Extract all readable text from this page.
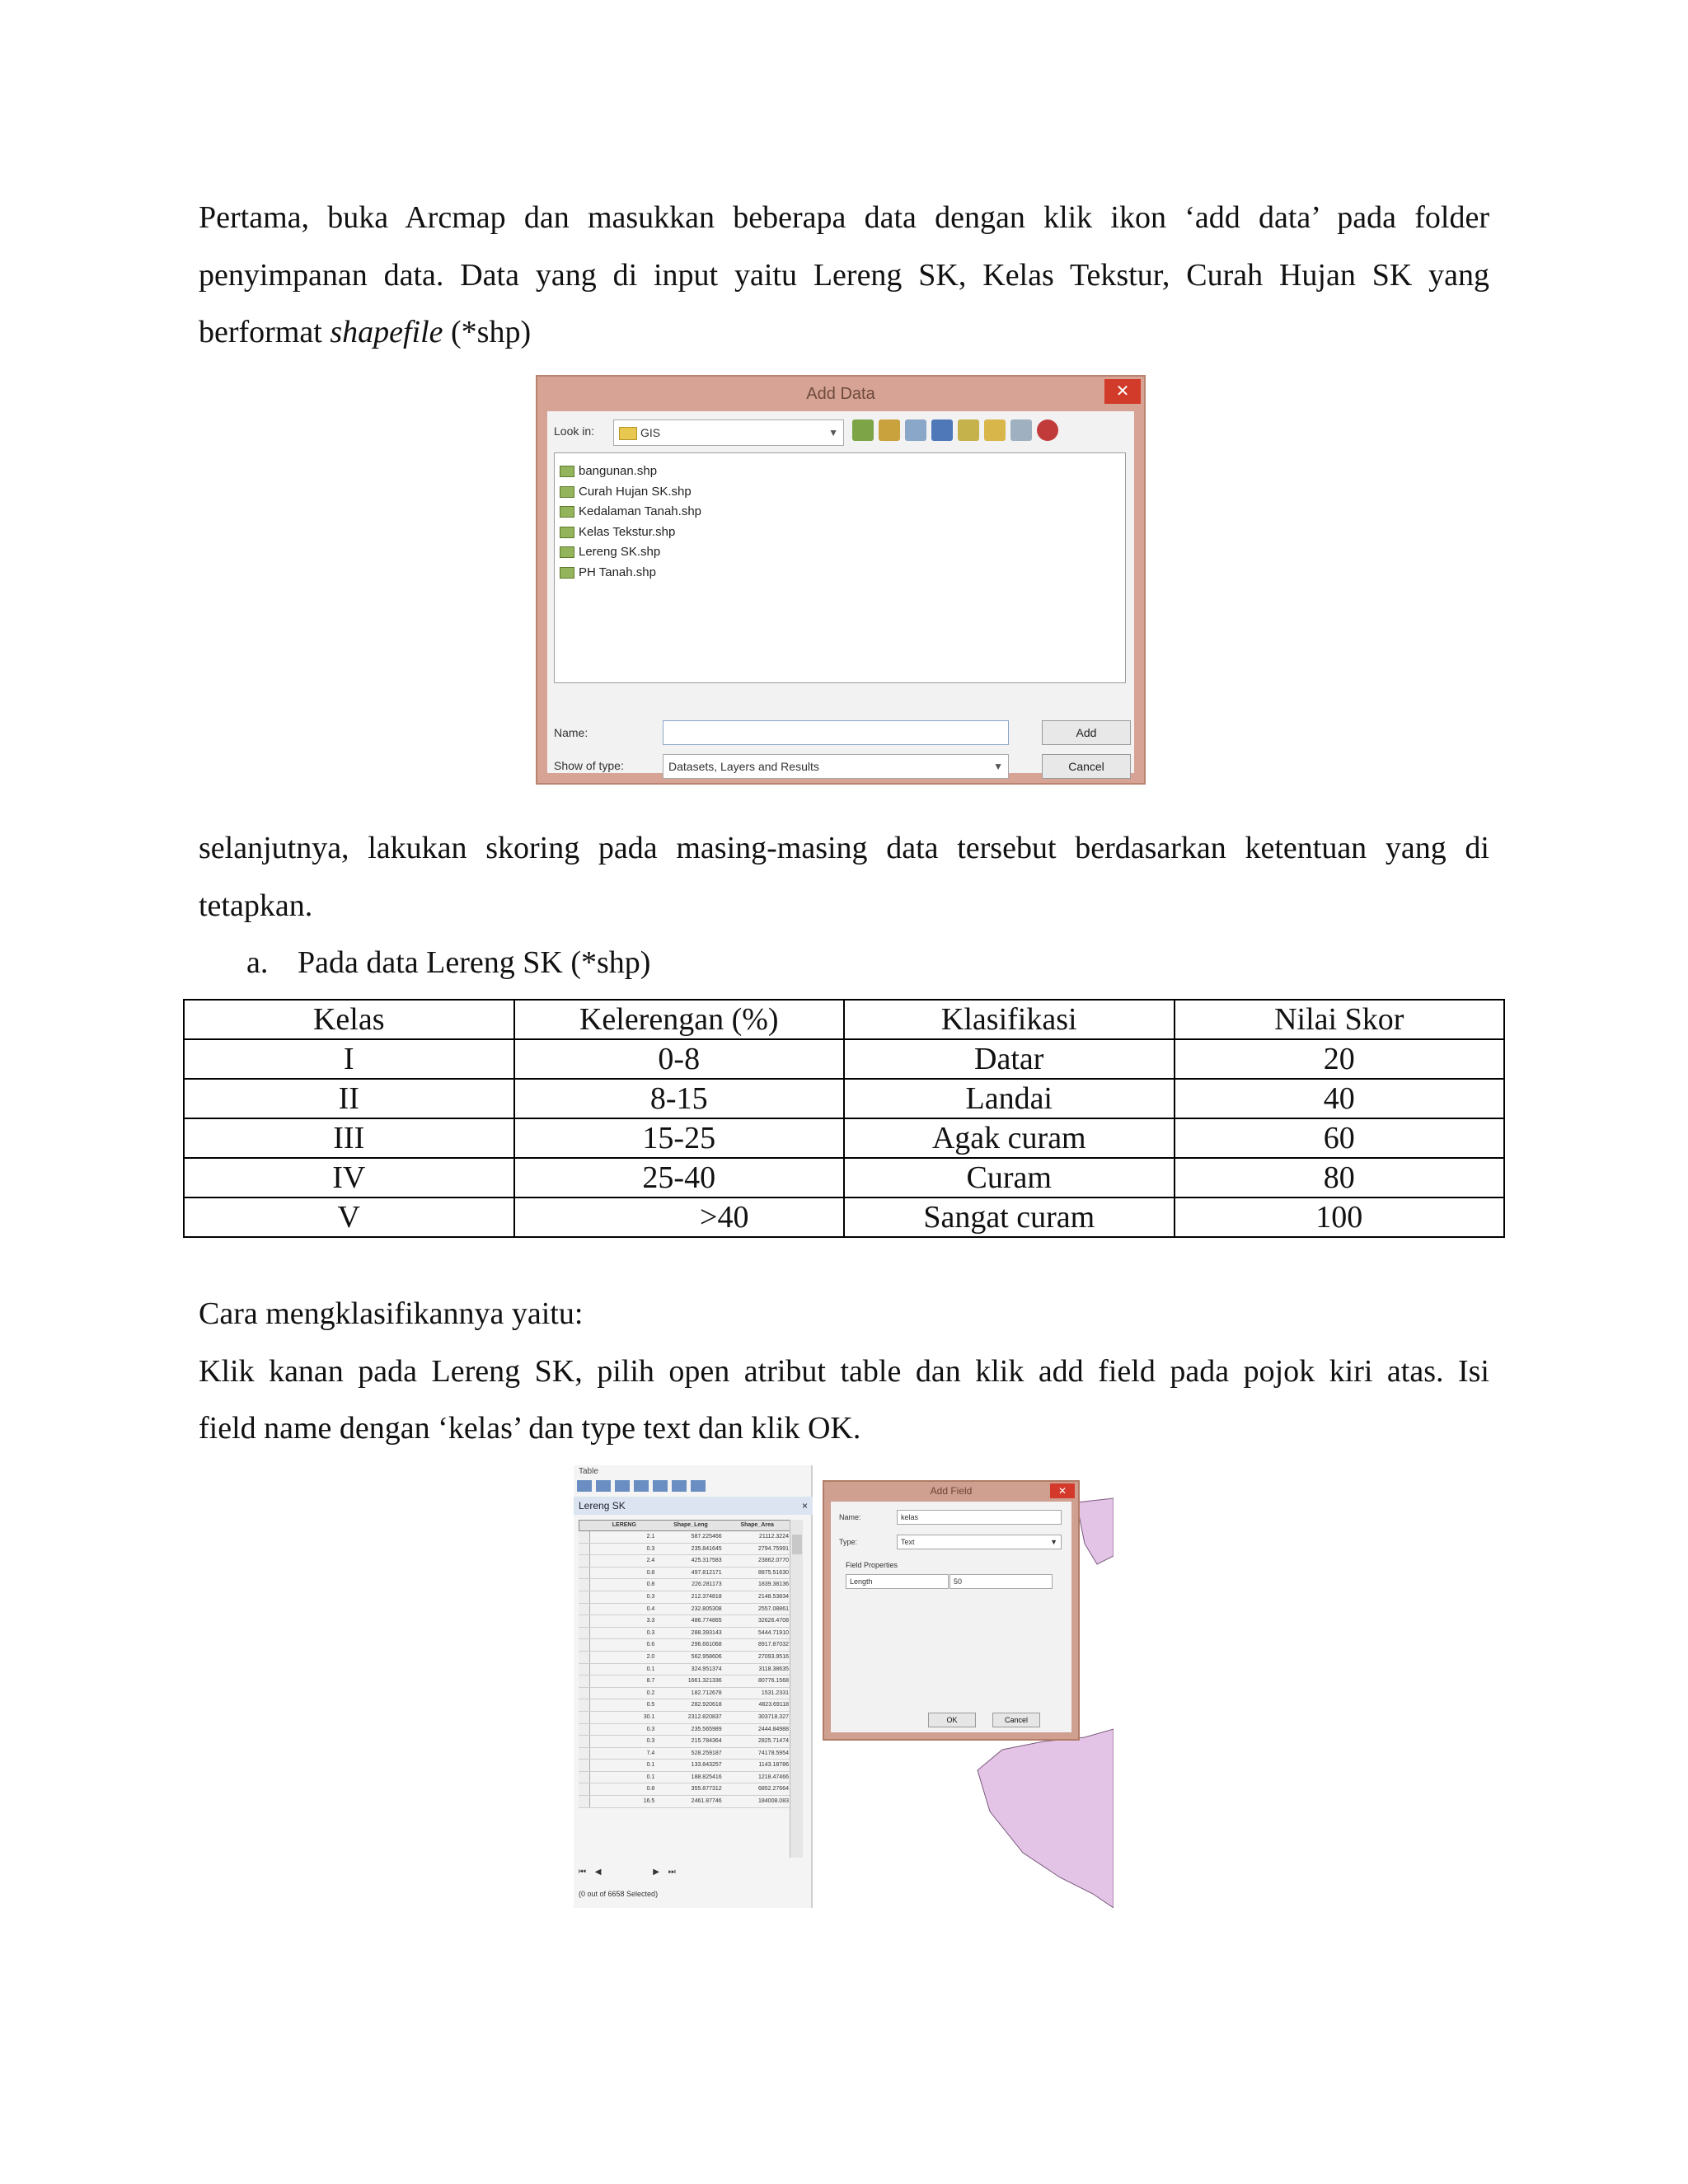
Pertama, buka Arcmap dan masukkan beberapa data dengan klik ikon ‘add data’ pada folder
penyimpanan data. Data yang di input yaitu Lereng SK, Kelas Tekstur, Curah Hujan SK yang
berformat shapefile (*shp)
Add Data	✕
Look in:	GIS	▼
bangunan.shp
Curah Hujan SK.shp
Kedalaman Tanah.shp
Kelas Tekstur.shp
Lereng SK.shp
PH Tanah.shp
Name:
Show of type:	Datasets, Layers and Results	▼
Add
Cancel
selanjutnya, lakukan skoring pada masing-masing data tersebut berdasarkan ketentuan yang di
tetapkan.
a. Pada data Lereng SK (*shp)
Kelas	Kelerengan (%)	Klasifikasi	Nilai Skor
I	0-8	Datar	20
II	8-15	Landai	40
III	15-25	Agak curam	60
IV	25-40	Curam	80
V	>40	Sangat curam	100
Cara mengklasifikannya yaitu:
Klik kanan pada Lereng SK, pilih open atribut table dan klik add field pada pojok kiri atas. Isi
field name dengan ‘kelas’ dan type text dan klik OK.
Table
Lereng SK	×
LERENG	Shape_Leng	Shape_Area
2.1	587.225466	21112.3224
0.3	235.841645	2794.75991
2.4	425.317583	23862.0770
0.8	497.812171	8875.51630
0.8	226.281173	1839.38136
0.3	212.374818	2148.53834
0.4	232.805308	2557.08861
3.3	486.774865	32626.4708
0.3	288.393143	5444.71910
0.6	296.661068	8917.87032
2.0	562.958606	27093.9516
0.1	324.951374	3118.38635
8.7	1661.321336	80776.1568
0.2	182.712678	1531.2331
0.5	282.920618	4823.69118
30.1	2312.820837	303718.327
0.3	235.565989	2444.84988
0.3	215.784364	2825.71474
7.4	528.259187	74178.5954
0.1	133.843257	1143.18786
0.1	188.825416	1218.47466
0.8	355.877312	6852.27664
16.5	2461.87746	184008.083
⏮ ◀	▶ ⏭
(0 out of 6658 Selected)
Add Field	✕
Name:	kelas
Type:	Text	▼
Field Properties
Length	50
OK	Cancel
